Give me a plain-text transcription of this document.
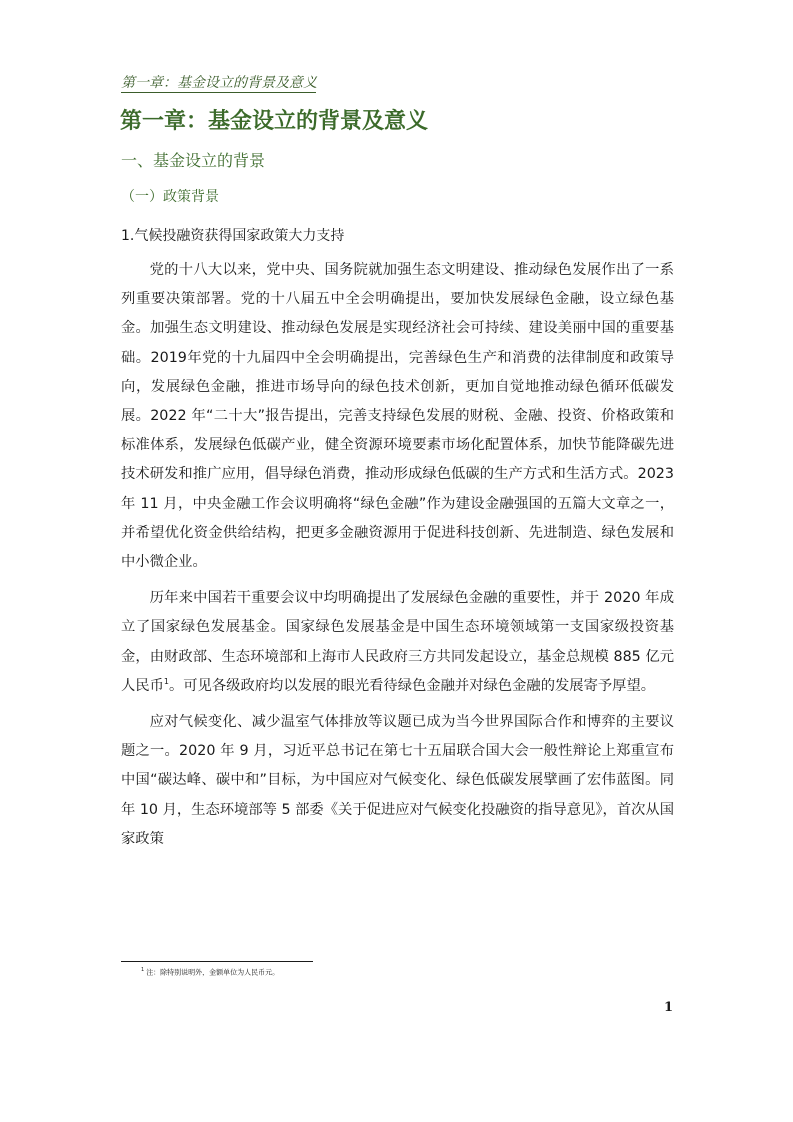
第一章：基金设立的背景及意义
第一章：基金设立的背景及意义
一、基金设立的背景
（一）政策背景
1.气候投融资获得国家政策大力支持

党的十八大以来，党中央、国务院就加强生态文明建设、推动绿色发展作出了一系列重要决策部署。党的十八届五中全会明确提出，要加快发展绿色金融，设立绿色基金。加强生态文明建设、推动绿色发展是实现经济社会可持续、建设美丽中国的重要基础。2019年党的十九届四中全会明确提出，完善绿色生产和消费的法律制度和政策导向，发展绿色金融，推进市场导向的绿色技术创新，更加自觉地推动绿色循环低碳发展。2022 年“二十大”报告提出，完善支持绿色发展的财税、金融、投资、价格政策和标准体系，发展绿色低碳产业，健全资源环境要素市场化配置体系，加快节能降碳先进技术研发和推广应用，倡导绿色消费，推动形成绿色低碳的生产方式和生活方式。2023 年 11 月，中央金融工作会议明确将“绿色金融”作为建设金融强国的五篇大文章之一，并希望优化资金供给结构，把更多金融资源用于促进科技创新、先进制造、绿色发展和中小微企业。

历年来中国若干重要会议中均明确提出了发展绿色金融的重要性，并于 2020 年成立了国家绿色发展基金。国家绿色发展基金是中国生态环境领域第一支国家级投资基金，由财政部、生态环境部和上海市人民政府三方共同发起设立，基金总规模 885 亿元人民币$^1$。可见各级政府均以发展的眼光看待绿色金融并对绿色金融的发展寄予厚望。

应对气候变化、减少温室气体排放等议题已成为当今世界国际合作和博弈的主要议题之一。2020 年 9 月，习近平总书记在第七十五届联合国大会一般性辩论上郑重宣布中国“碳达峰、碳中和”目标，为中国应对气候变化、绿色低碳发展擘画了宏伟蓝图。同年 10 月，生态环境部等 5 部委《关于促进应对气候变化投融资的指导意见》，首次从国家政策

$^1$ 注：除特别说明外，金额单位为人民币元。
1
